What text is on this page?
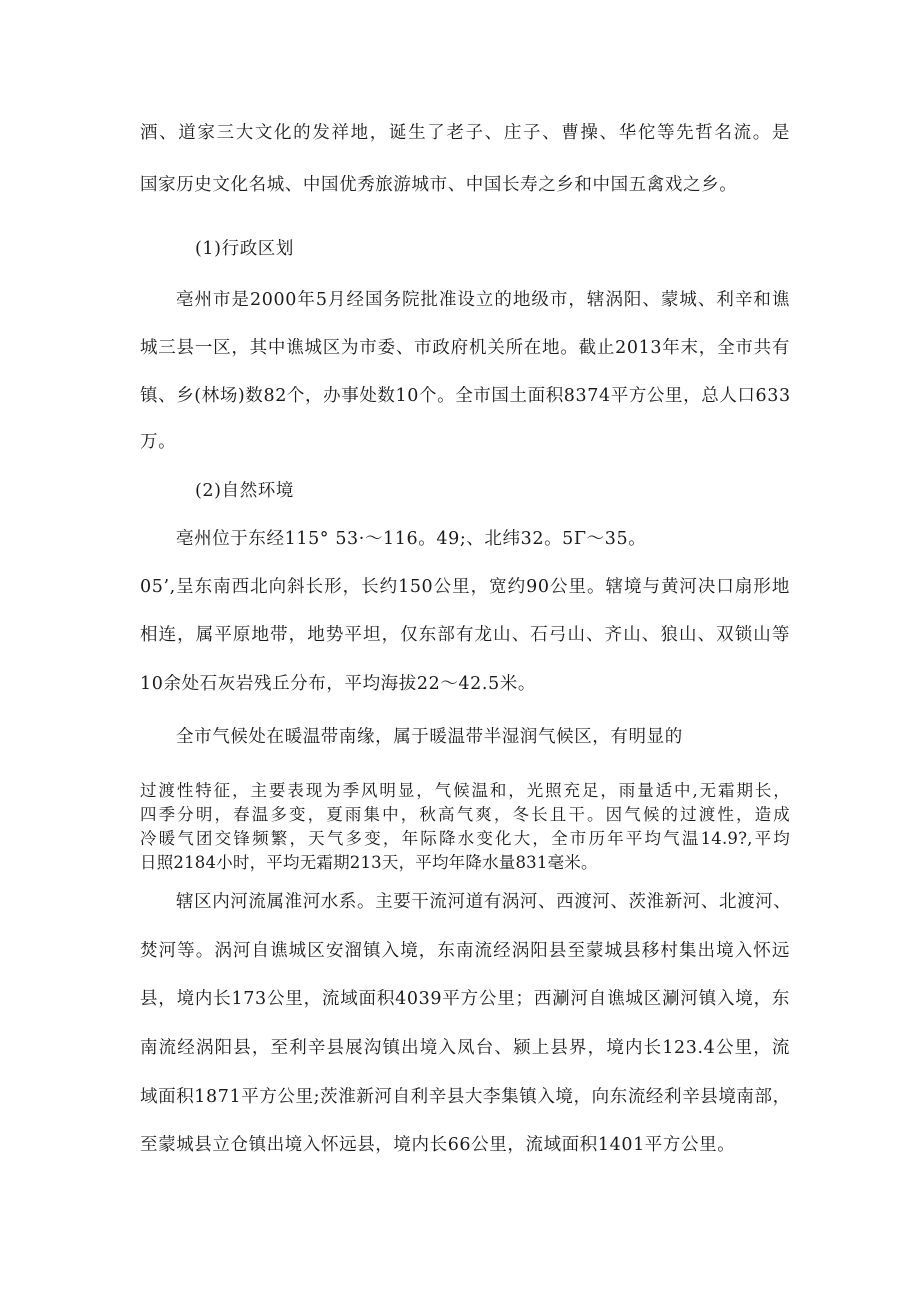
酒、道家三大文化的发祥地，诞生了老子、庄子、曹操、华佗等先哲名流。是
国家历史文化名城、中国优秀旅游城市、中国长寿之乡和中国五禽戏之乡。
(1)行政区划
亳州市是2000年5月经国务院批准设立的地级市，辖涡阳、蒙城、利辛和谯
城三县一区，其中谯城区为市委、市政府机关所在地。截止2013年末，全市共有
镇、乡(林场)数82个，办事处数10个。全市国土面积8374平方公里，总人口633
万。
(2)自然环境
亳州位于东经115° 53·～116。49;、北纬32。5Γ～35。
05’,呈东南西北向斜长形，长约150公里，宽约90公里。辖境与黄河决口扇形地
相连，属平原地带，地势平坦，仅东部有龙山、石弓山、齐山、狼山、双锁山等
10余处石灰岩残丘分布，平均海拔22～42.5米。
全市气候处在暖温带南缘，属于暖温带半湿润气候区，有明显的
过渡性特征，主要表现为季风明显，气候温和，光照充足，雨量适中,无霜期长，
四季分明，春温多变，夏雨集中，秋高气爽，冬长且干。因气候的过渡性，造成
冷暖气团交锋频繁，天气多变，年际降水变化大，全市历年平均气温14.9?,平均
日照2184小时，平均无霜期213天，平均年降水量831毫米。
辖区内河流属淮河水系。主要干流河道有涡河、西渡河、茨淮新河、北渡河、
焚河等。涡河自谯城区安溜镇入境，东南流经涡阳县至蒙城县移村集出境入怀远
县，境内长173公里，流域面积4039平方公里；西涮河自谯城区涮河镇入境，东
南流经涡阳县，至利辛县展沟镇出境入凤台、颍上县界，境内长123.4公里，流
域面积1871平方公里;茨淮新河自利辛县大李集镇入境，向东流经利辛县境南部，
至蒙城县立仓镇出境入怀远县，境内长66公里，流域面积1401平方公里。
